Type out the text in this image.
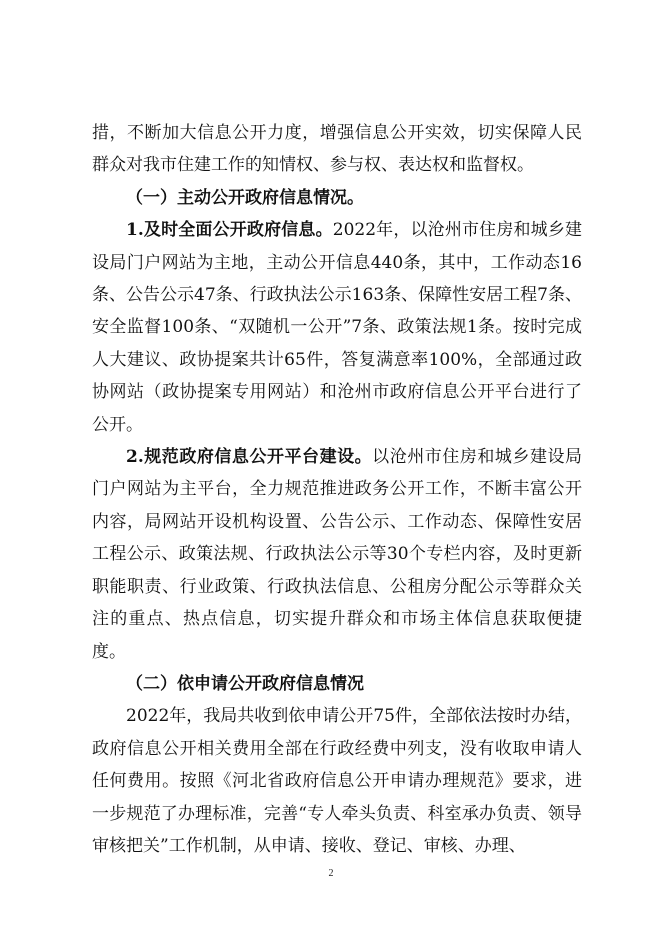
措，不断加大信息公开力度，增强信息公开实效，切实保障人民群众对我市住建工作的知情权、参与权、表达权和监督权。

（一）主动公开政府信息情况。

1.及时全面公开政府信息。2022年，以沧州市住房和城乡建设局门户网站为主地，主动公开信息440条，其中，工作动态16条、公告公示47条、行政执法公示163条、保障性安居工程7条、安全监督100条、“双随机一公开”7条、政策法规1条。按时完成人大建议、政协提案共计65件，答复满意率100%，全部通过政协网站（政协提案专用网站）和沧州市政府信息公开平台进行了公开。

2.规范政府信息公开平台建设。以沧州市住房和城乡建设局门户网站为主平台，全力规范推进政务公开工作，不断丰富公开内容，局网站开设机构设置、公告公示、工作动态、保障性安居工程公示、政策法规、行政执法公示等30个专栏内容，及时更新职能职责、行业政策、行政执法信息、公租房分配公示等群众关注的重点、热点信息，切实提升群众和市场主体信息获取便捷度。

（二）依申请公开政府信息情况

2022年，我局共收到依申请公开75件，全部依法按时办结，政府信息公开相关费用全部在行政经费中列支，没有收取申请人任何费用。按照《河北省政府信息公开申请办理规范》要求，进一步规范了办理标准，完善“专人牵头负责、科室承办负责、领导审核把关”工作机制，从申请、接收、登记、审核、办理、

2
